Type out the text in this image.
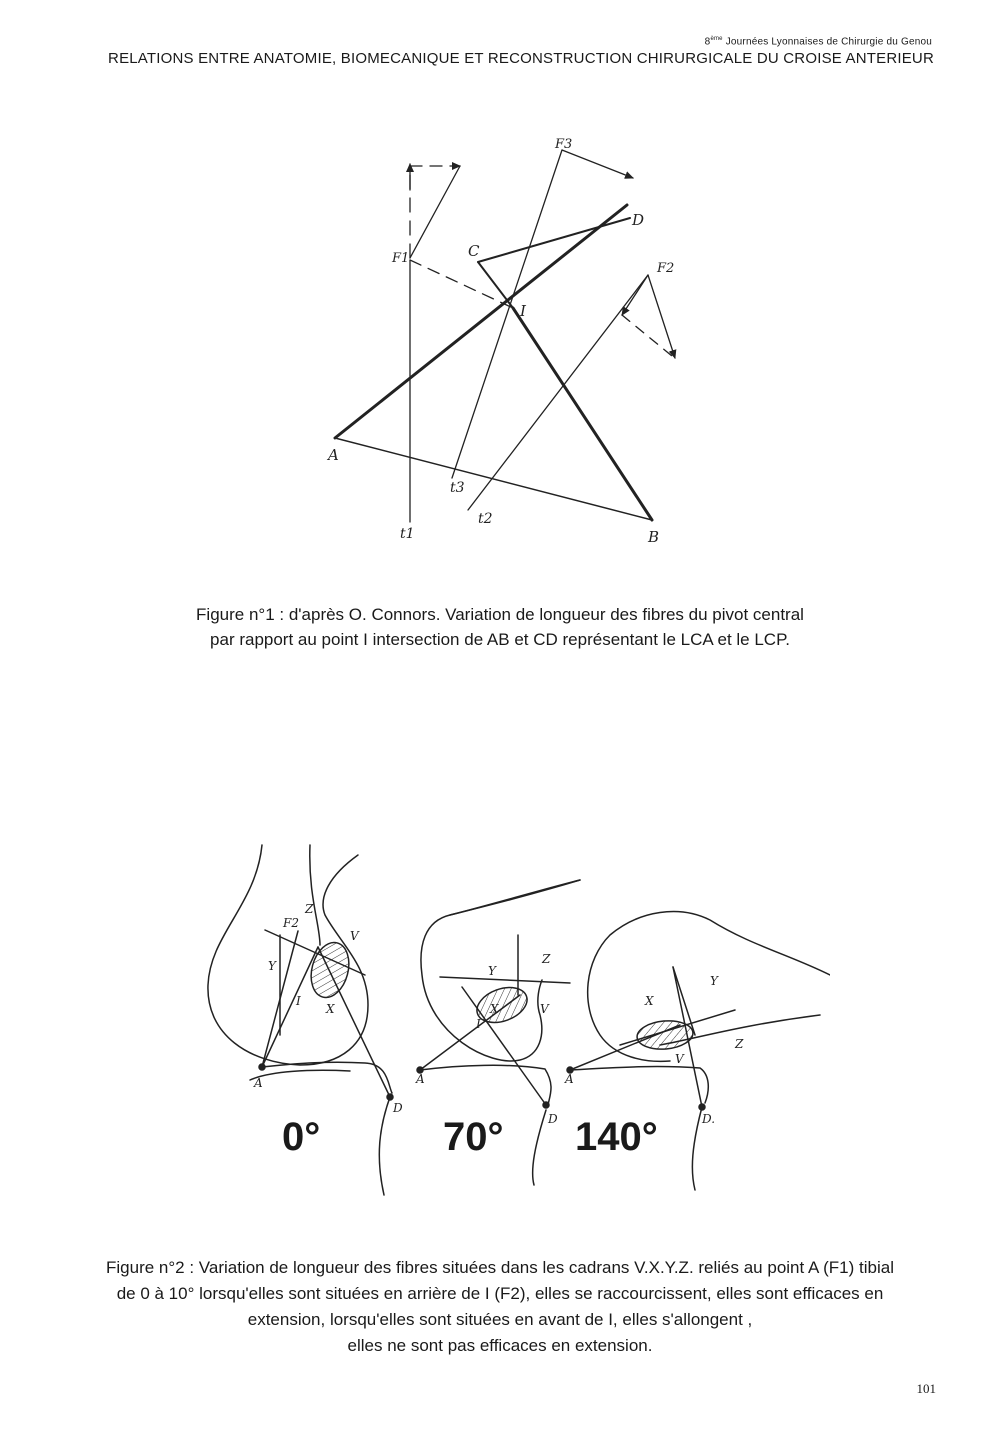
8ème Journées Lyonnaises de Chirurgie du Genou
RELATIONS ENTRE ANATOMIE, BIOMECANIQUE ET RECONSTRUCTION CHIRURGICALE DU CROISE ANTERIEUR
A
B
C
D
I
F1
F2
F3
t1
t2
t3
Figure n°1 : d'après O. Connors. Variation de longueur des fibres du pivot central
par rapport au point I intersection de AB et CD représentant le LCA et le LCP.
Z
V
Y
X
F2
A
D
I
Y
Z
V
X
A
D
I
X
Y
Z
V
A
D.
0°	70° 140°
Figure n°2 : Variation de longueur des fibres situées dans les cadrans V.X.Y.Z. reliés au point A (F1) tibial
de 0 à 10° lorsqu'elles sont situées en arrière de I (F2), elles se raccourcissent, elles sont efficaces en
extension, lorsqu'elles sont situées en avant de I, elles s'allongent ,
elles ne sont pas efficaces en extension.
101
